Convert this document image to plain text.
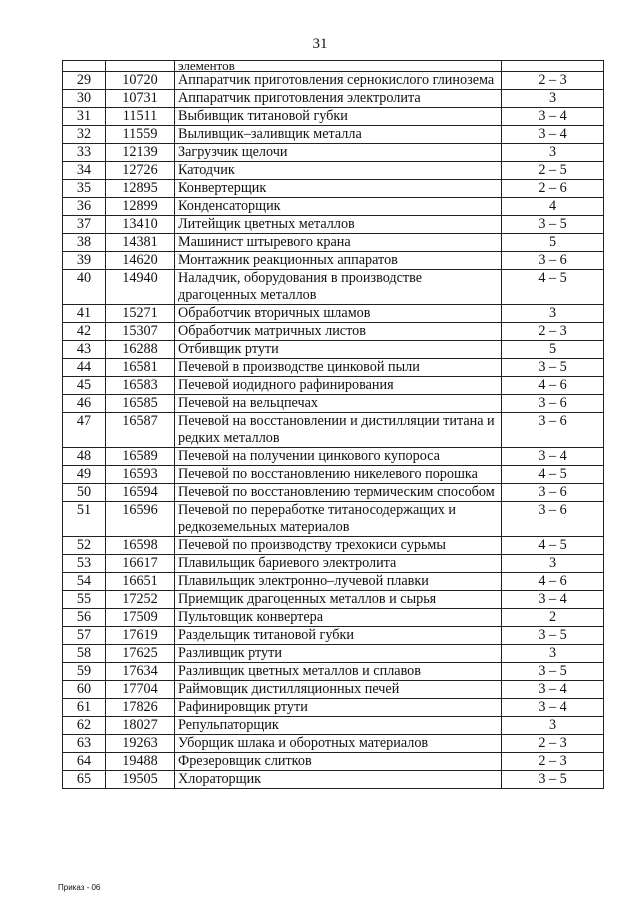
31
		элементов	
29	10720	Аппаратчик приготовления сернокислого глинозема	2 – 3
30	10731	Аппаратчик приготовления электролита	3
31	11511	Выбивщик титановой губки	3 – 4
32	11559	Выливщик–заливщик металла	3 – 4
33	12139	Загрузчик щелочи	3
34	12726	Катодчик	2 – 5
35	12895	Конвертерщик	2 – 6
36	12899	Конденсаторщик	4
37	13410	Литейщик цветных металлов	3 – 5
38	14381	Машинист штыревого крана	5
39	14620	Монтажник реакционных аппаратов	3 – 6
40	14940	Наладчик, оборудования в производстве драгоценных металлов	4 – 5
41	15271	Обработчик вторичных шламов	3
42	15307	Обработчик матричных листов	2 – 3
43	16288	Отбивщик ртути	5
44	16581	Печевой в производстве цинковой пыли	3 – 5
45	16583	Печевой иодидного рафинирования	4 – 6
46	16585	Печевой на вельцпечах	3 – 6
47	16587	Печевой на восстановлении и дистилляции титана и редких металлов	3 – 6
48	16589	Печевой на получении цинкового купороса	3 – 4
49	16593	Печевой по восстановлению никелевого порошка	4 – 5
50	16594	Печевой по восстановлению термическим способом	3 – 6
51	16596	Печевой по переработке титаносодержащих и редкоземельных материалов	3 – 6
52	16598	Печевой по производству трехокиси сурьмы	4 – 5
53	16617	Плавильщик бариевого электролита	3
54	16651	Плавильщик электронно–лучевой плавки	4 – 6
55	17252	Приемщик драгоценных металлов и сырья	3 – 4
56	17509	Пультовщик конвертера	2
57	17619	Раздельщик титановой губки	3 – 5
58	17625	Разливщик ртути	3
59	17634	Разливщик цветных металлов и сплавов	3 – 5
60	17704	Раймовщик дистилляционных печей	3 – 4
61	17826	Рафинировщик ртути	3 – 4
62	18027	Репульпаторщик	3
63	19263	Уборщик шлака и оборотных материалов	2 – 3
64	19488	Фрезеровщик слитков	2 – 3
65	19505	Хлораторщик	3 – 5
Приказ - 06
